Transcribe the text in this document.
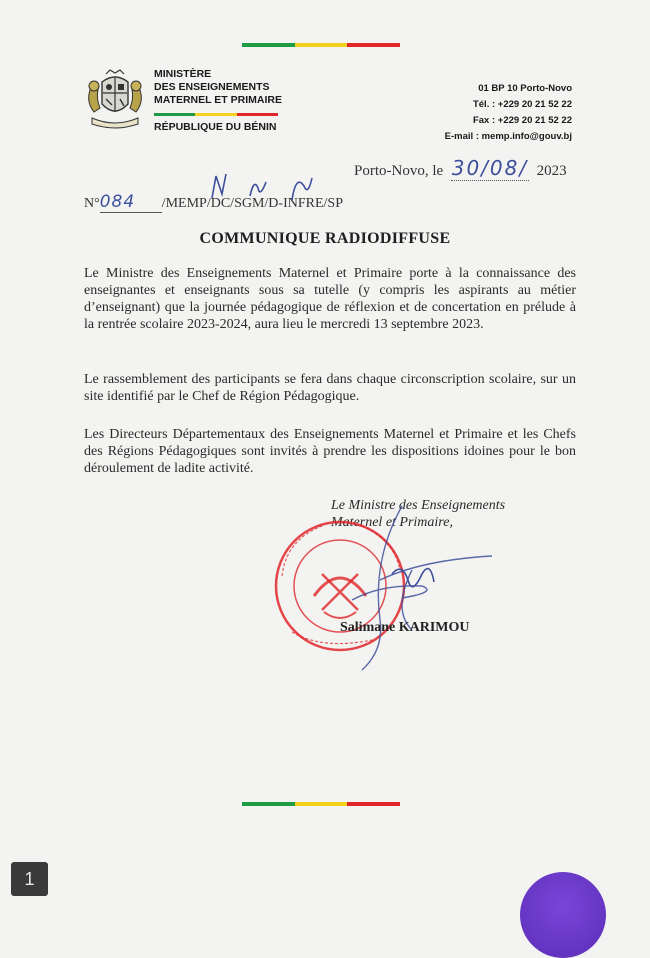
MINISTÈRE
DES ENSEIGNEMENTS
MATERNEL ET PRIMAIRE
RÉPUBLIQUE DU BÉNIN
01 BP 10 Porto-Novo
Tél. : +229 20 21 52 22
Fax : +229 20 21 52 22
E-mail : memp.info@gouv.bj
Porto-Novo, le 30/08/ 2023
N°084 /MEMP/DC/SGM/D-INFRE/SP
COMMUNIQUE RADIODIFFUSE

Le Ministre des Enseignements Maternel et Primaire porte à la connaissance des enseignantes et enseignants sous sa tutelle (y compris les aspirants au métier d’enseignant) que la journée pédagogique de réflexion et de concertation en prélude à la rentrée scolaire 2023-2024, aura lieu le mercredi 13 septembre 2023.

Le rassemblement des participants se fera dans chaque circonscription scolaire, sur un site identifié par le Chef de Région Pédagogique.

Les Directeurs Départementaux des Enseignements Maternel et Primaire et les Chefs des Régions Pédagogiques sont invités à prendre les dispositions idoines pour le bon déroulement de ladite activité.

Le Ministre des Enseignements
Maternel et Primaire,
Salimane KARIMOU
1
